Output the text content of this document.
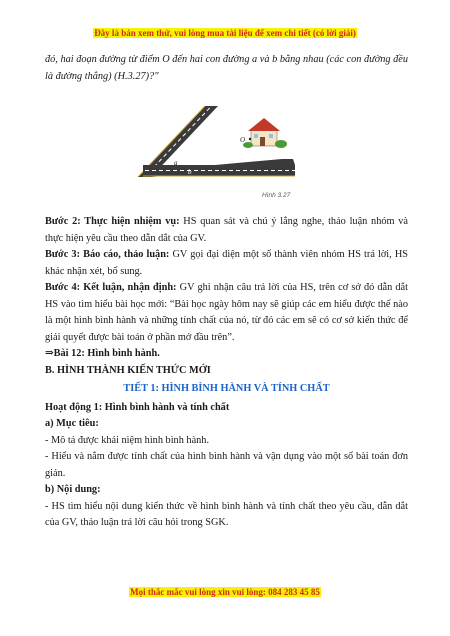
Đây là bản xem thử, vui lòng mua tài liệu để xem chi tiết (có lời giải)

đó, hai đoạn đường từ điểm O đến hai con đường a và b bằng nhau (các con đường đều là đường thẳng) (H.3.27)?"

a
b
O
Hình 3.27

Bước 2: Thực hiện nhiệm vụ: HS quan sát và chú ý lắng nghe, thảo luận nhóm và thực hiện yêu cầu theo dẫn dắt của GV.

Bước 3: Báo cáo, thảo luận: GV gọi đại diện một số thành viên nhóm HS trả lời, HS khác nhận xét, bổ sung.

Bước 4: Kết luận, nhận định: GV ghi nhận câu trả lời của HS, trên cơ sở đó dẫn dắt HS vào tìm hiểu bài học mới: “Bài học ngày hôm nay sẽ giúp các em hiểu được thế nào là một hình bình hành và những tính chất của nó, từ đó các em sẽ có cơ sở kiến thức để giải quyết được bài toán ở phần mở đầu trên”.

⇒Bài 12: Hình bình hành.

B. HÌNH THÀNH KIẾN THỨC MỚI

TIẾT 1: HÌNH BÌNH HÀNH VÀ TÍNH CHẤT

Hoạt động 1: Hình bình hành và tính chất

a) Mục tiêu:

- Mô tả được khái niệm hình bình hành.

- Hiểu và nắm được tính chất của hình bình hành và vận dụng vào một số bài toán đơn giản.

b) Nội dung:

- HS tìm hiểu nội dung kiến thức về hình bình hành và tính chất theo yêu cầu, dẫn dắt của GV, thảo luận trả lời câu hỏi trong SGK.

Mọi thắc mắc vui lòng xin vui lòng: 084 283 45 85
